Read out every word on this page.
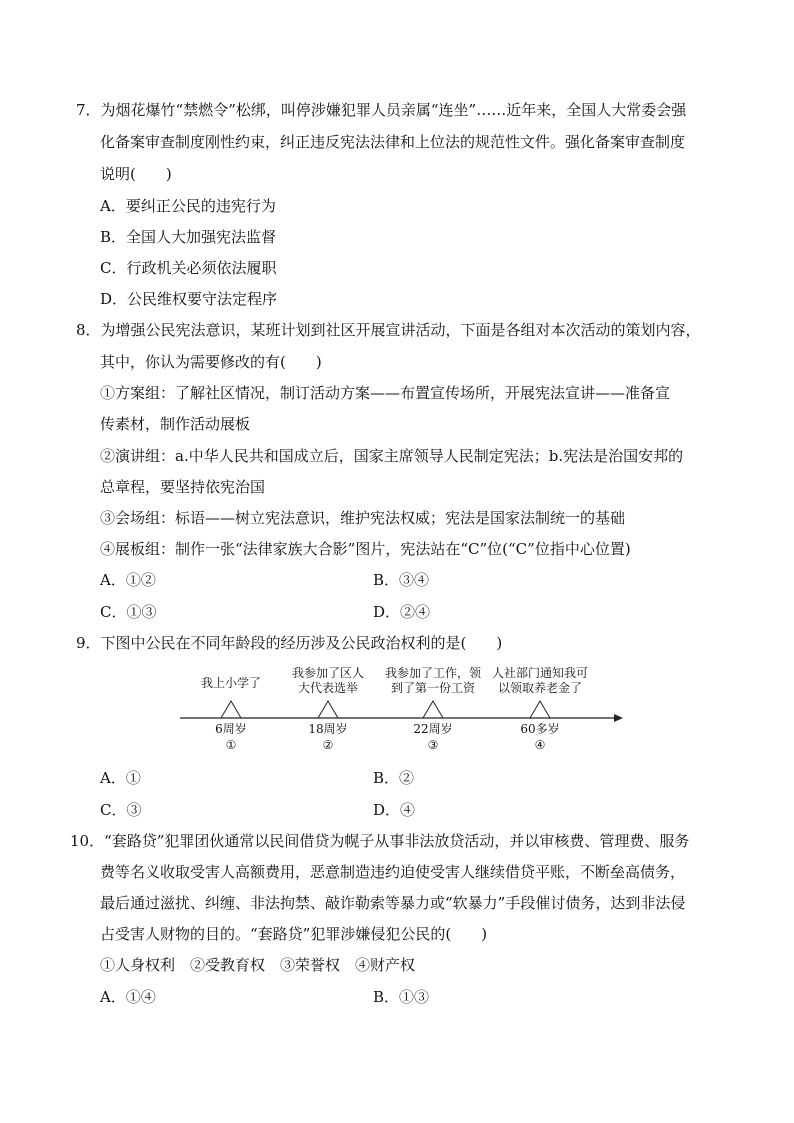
7．为烟花爆竹“禁燃令”松绑，叫停涉嫌犯罪人员亲属“连坐”……近年来，全国人大常委会强
化备案审查制度刚性约束，纠正违反宪法法律和上位法的规范性文件。强化备案审查制度
说明(　　)
A．要纠正公民的违宪行为
B．全国人大加强宪法监督
C．行政机关必须依法履职
D．公民维权要守法定程序
8．为增强公民宪法意识，某班计划到社区开展宣讲活动，下面是各组对本次活动的策划内容，
其中，你认为需要修改的有(　　)
①方案组：了解社区情况，制订活动方案——布置宣传场所，开展宪法宣讲——准备宣
传素材，制作活动展板
②演讲组：a.中华人民共和国成立后，国家主席领导人民制定宪法；b.宪法是治国安邦的
总章程，要坚持依宪治国
③会场组：标语——树立宪法意识，维护宪法权威；宪法是国家法制统一的基础
④展板组：制作一张“法律家族大合影”图片，宪法站在“C”位(“C”位指中心位置)
A．①②	B．③④
C．①③	D．②④
9．下图中公民在不同年龄段的经历涉及公民政治权利的是(　　)
我上小学了
6周岁
①
我参加了区人
大代表选举
18周岁
②
我参加了工作，领
到了第一份工资
22周岁
③
人社部门通知我可
以领取养老金了
60多岁
④
A．①	B．②
C．③	D．④
10．“套路贷”犯罪团伙通常以民间借贷为幌子从事非法放贷活动，并以审核费、管理费、服务
费等名义收取受害人高额费用，恶意制造违约迫使受害人继续借贷平账，不断垒高债务，
最后通过滋扰、纠缠、非法拘禁、敲诈勒索等暴力或“软暴力”手段催讨债务，达到非法侵
占受害人财物的目的。“套路贷”犯罪涉嫌侵犯公民的(　　)
①人身权利　②受教育权　③荣誉权　④财产权
A．①④	B．①③
